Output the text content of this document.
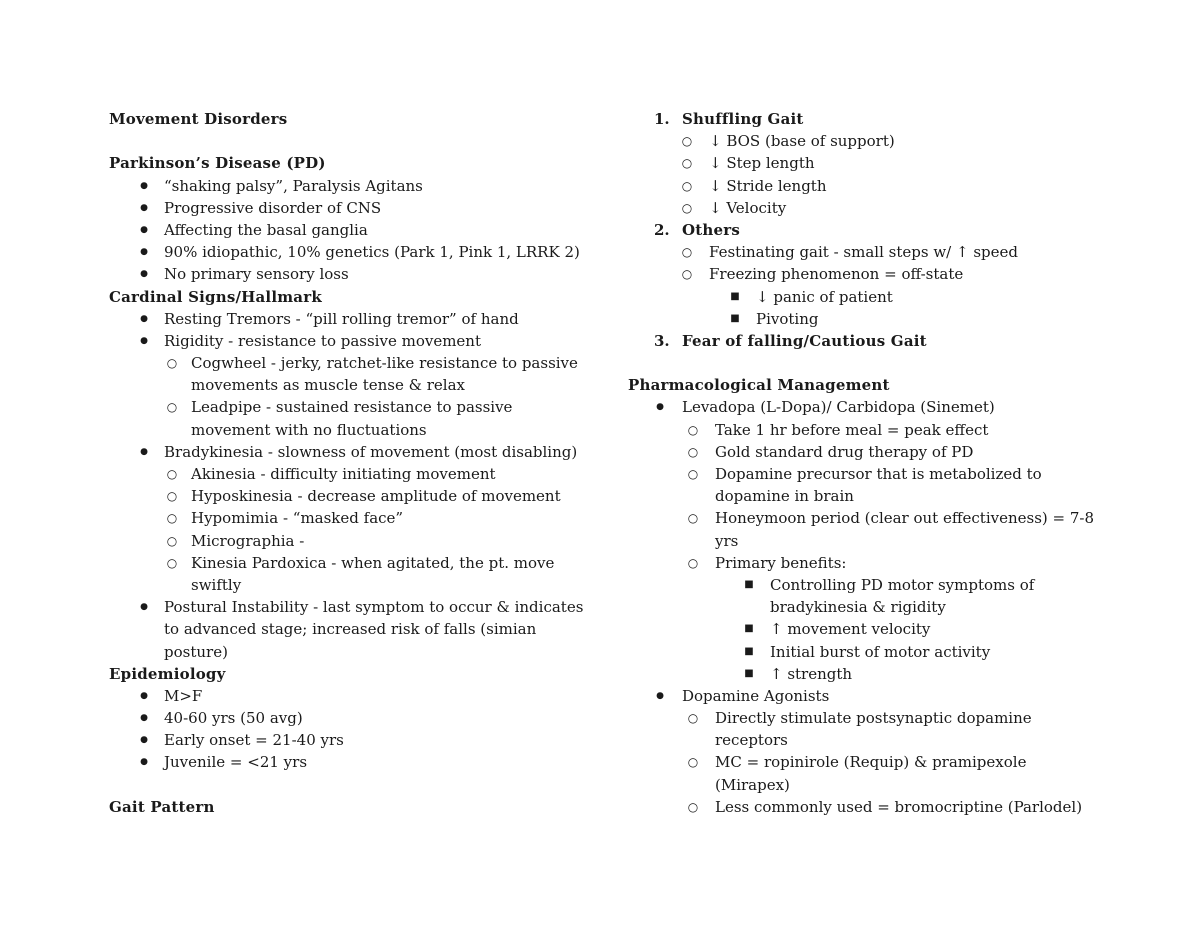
Movement Disorders
Parkinson’s Disease (PD)
● “shaking palsy”, Paralysis Agitans
● Progressive disorder of CNS
● Affecting the basal ganglia
● 90% idiopathic, 10% genetics (Park 1, Pink 1, LRRK 2)
● No primary sensory loss
Cardinal Signs/Hallmark
● Resting Tremors - “pill rolling tremor” of hand
● Rigidity - resistance to passive movement
○ Cogwheel - jerky, ratchet-like resistance to passive
movements as muscle tense & relax
○ Leadpipe - sustained resistance to passive
movement with no fluctuations
● Bradykinesia - slowness of movement (most disabling)
○ Akinesia - difficulty initiating movement
○ Hyposkinesia - decrease amplitude of movement
○ Hypomimia - “masked face”
○ Micrographia -
○ Kinesia Pardoxica - when agitated, the pt. move
swiftly
● Postural Instability - last symptom to occur & indicates
to advanced stage; increased risk of falls (simian
posture)
Epidemiology
● M>F
● 40-60 yrs (50 avg)
● Early onset = 21-40 yrs
● Juvenile = <21 yrs
Gait Pattern
1. Shuffling Gait
○ ↓ BOS (base of support)
○ ↓ Step length
○ ↓ Stride length
○ ↓ Velocity
2. Others
○ Festinating gait - small steps w/ ↑ speed
○ Freezing phenomenon = off-state
■ ↓ panic of patient
■ Pivoting
3. Fear of falling/Cautious Gait
Pharmacological Management
● Levadopa (L-Dopa)/ Carbidopa (Sinemet)
○ Take 1 hr before meal = peak effect
○ Gold standard drug therapy of PD
○ Dopamine precursor that is metabolized to
dopamine in brain
○ Honeymoon period (clear out effectiveness) = 7-8
yrs
○ Primary benefits:
■ Controlling PD motor symptoms of
bradykinesia & rigidity
■ ↑ movement velocity
■ Initial burst of motor activity
■ ↑ strength
● Dopamine Agonists
○ Directly stimulate postsynaptic dopamine
receptors
○ MC = ropinirole (Requip) & pramipexole
(Mirapex)
○ Less commonly used = bromocriptine (Parlodel)
